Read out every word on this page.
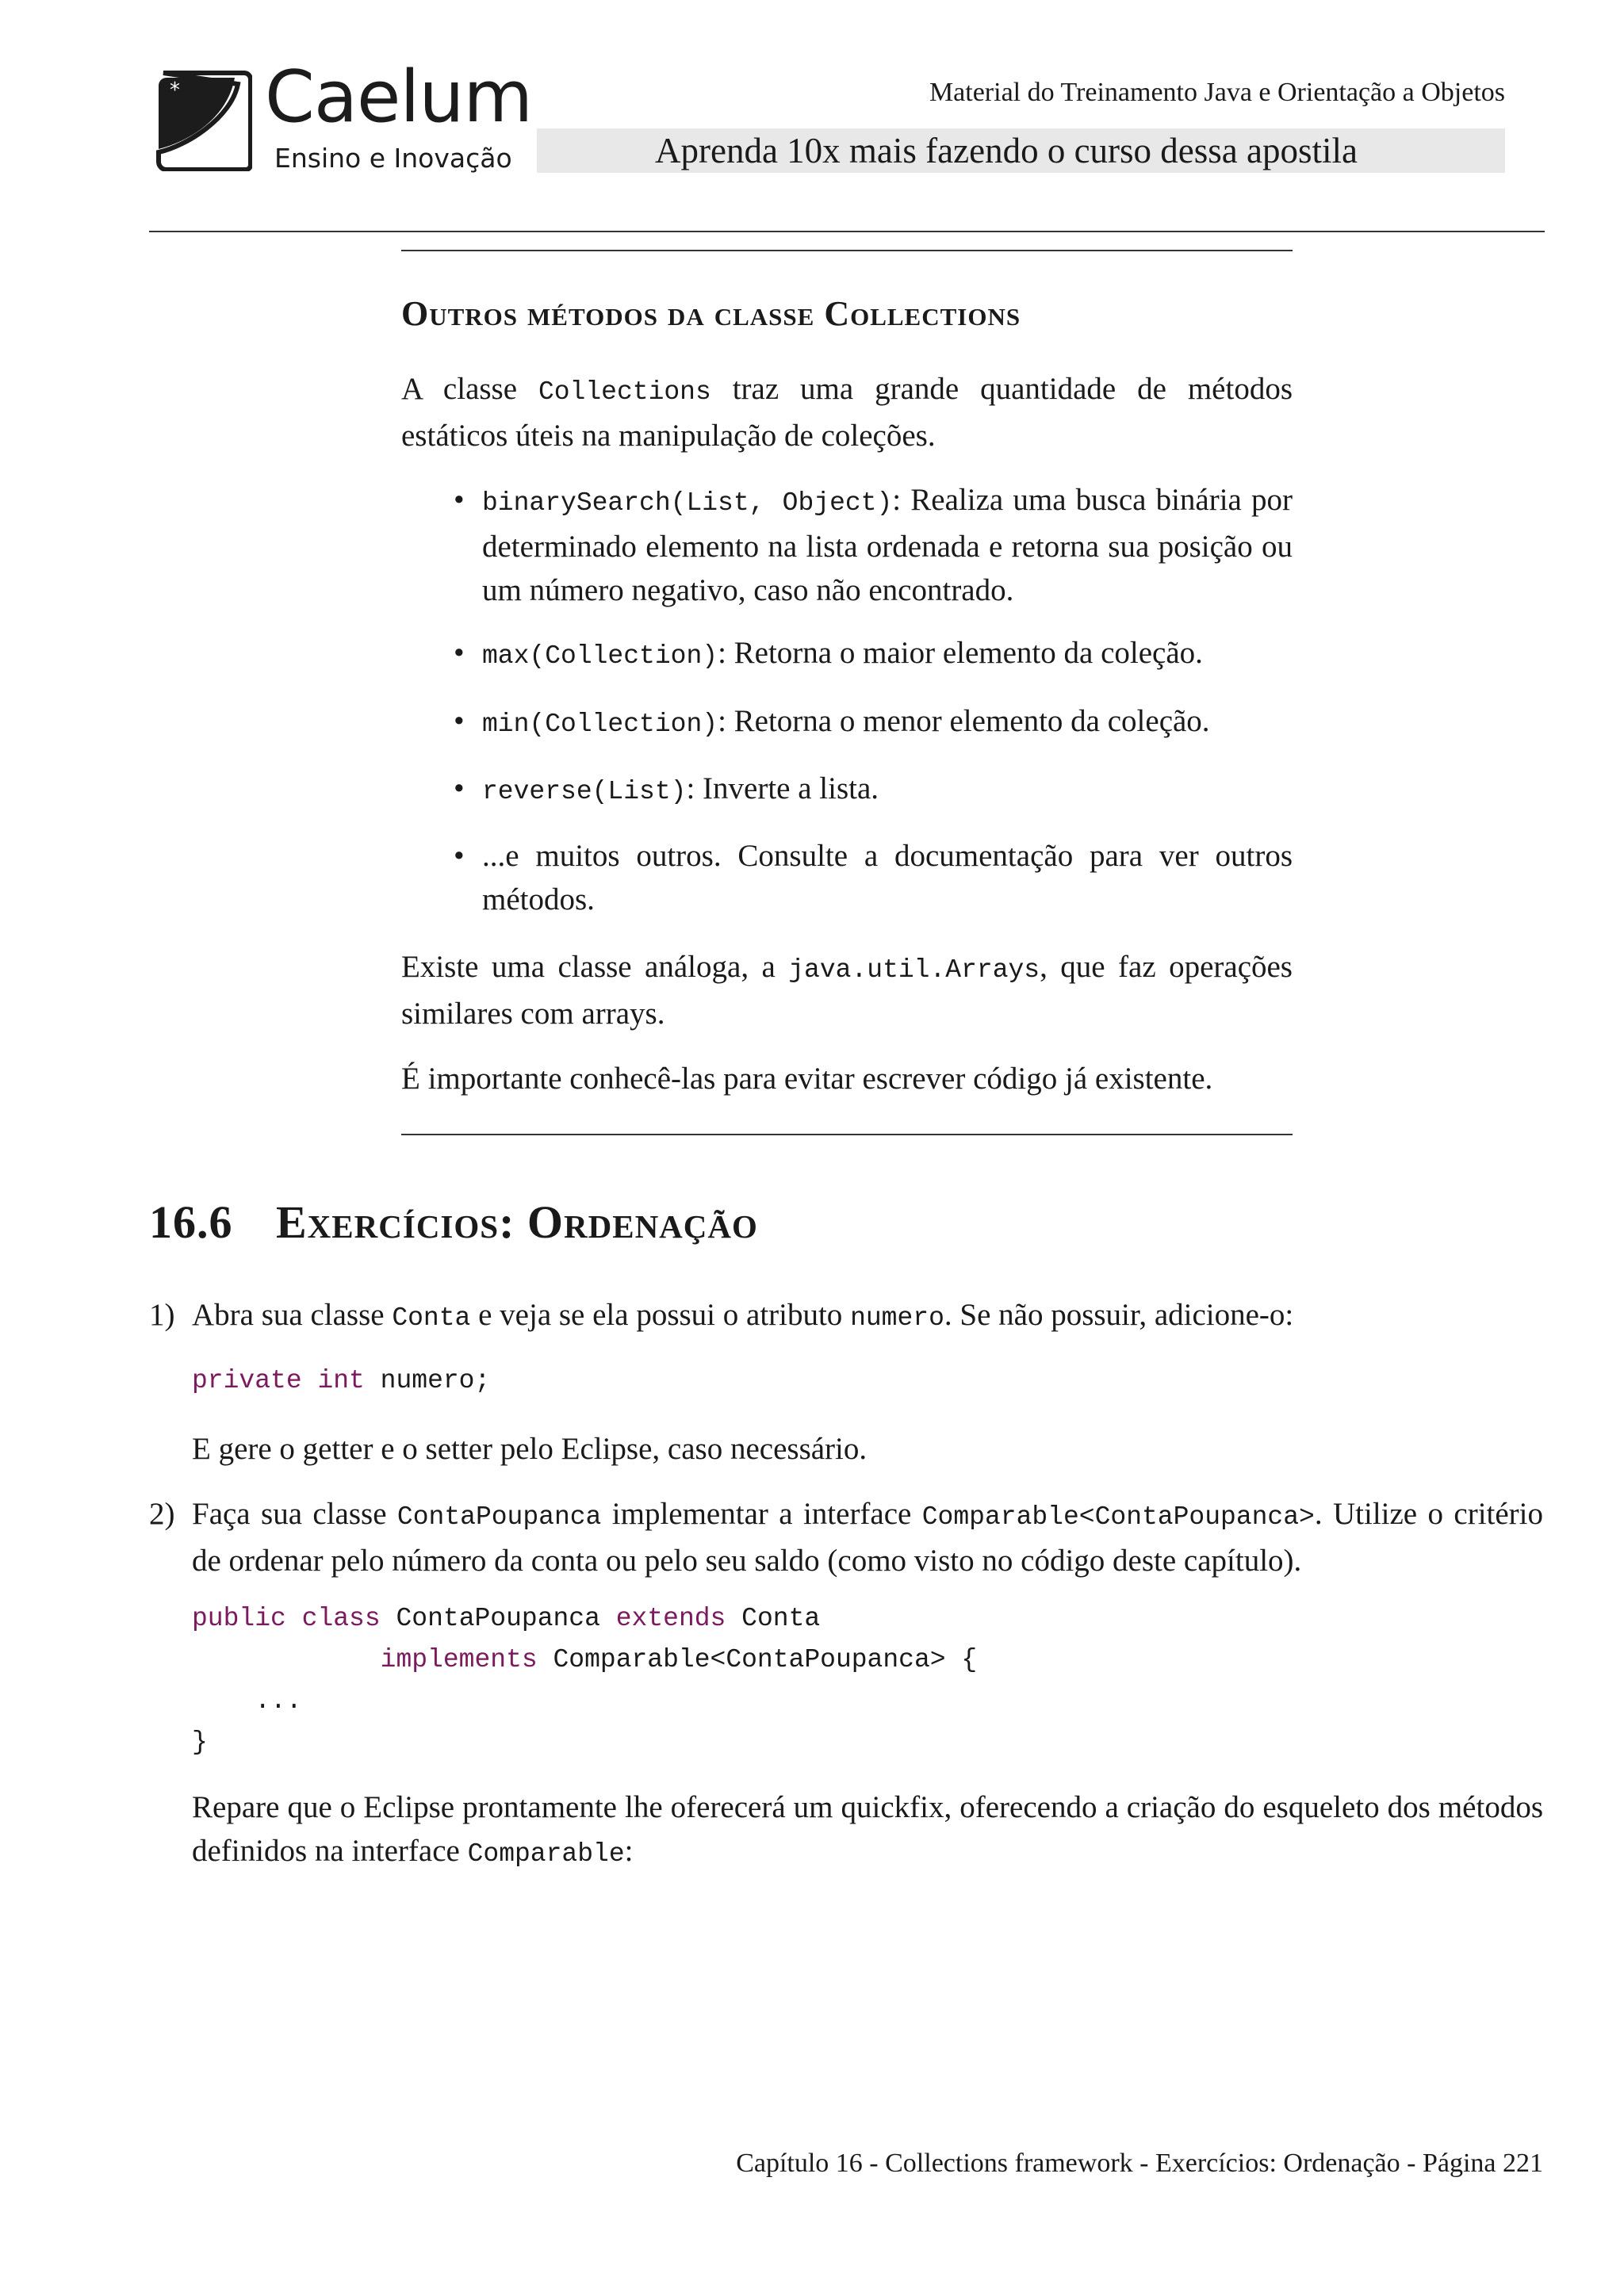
* Caelum
Ensino e Inovação
Material do Treinamento Java e Orientação a Objetos
Aprenda 10x mais fazendo o curso dessa apostila
Outros métodos da classe Collections

A classe Collections traz uma grande quantidade de métodos estáticos úteis na manipulação de coleções.

• binarySearch(List, Object): Realiza uma busca binária por determinado elemento na lista ordenada e retorna sua posição ou um número negativo, caso não encontrado.
• max(Collection): Retorna o maior elemento da coleção.
• min(Collection): Retorna o menor elemento da coleção.
• reverse(List): Inverte a lista.
• ...e muitos outros. Consulte a documentação para ver outros métodos.

Existe uma classe análoga, a java.util.Arrays, que faz operações similares com arrays.

É importante conhecê-las para evitar escrever código já existente.

16.6 Exercícios: Ordenação
1) Abra sua classe Conta e veja se ela possui o atributo numero. Se não possuir, adicione-o:

private int numero;

E gere o getter e o setter pelo Eclipse, caso necessário.

2) Faça sua classe ContaPoupanca implementar a interface Comparable<ContaPoupanca>. Utilize o critério de ordenar pelo número da conta ou pelo seu saldo (como visto no código deste capítulo).

public class ContaPoupanca extends Conta
implements Comparable<ContaPoupanca> {
...
}

Repare que o Eclipse prontamente lhe oferecerá um quickfix, oferecendo a criação do esqueleto dos métodos definidos na interface Comparable:

Capítulo 16 - Collections framework - Exercícios: Ordenação - Página 221
